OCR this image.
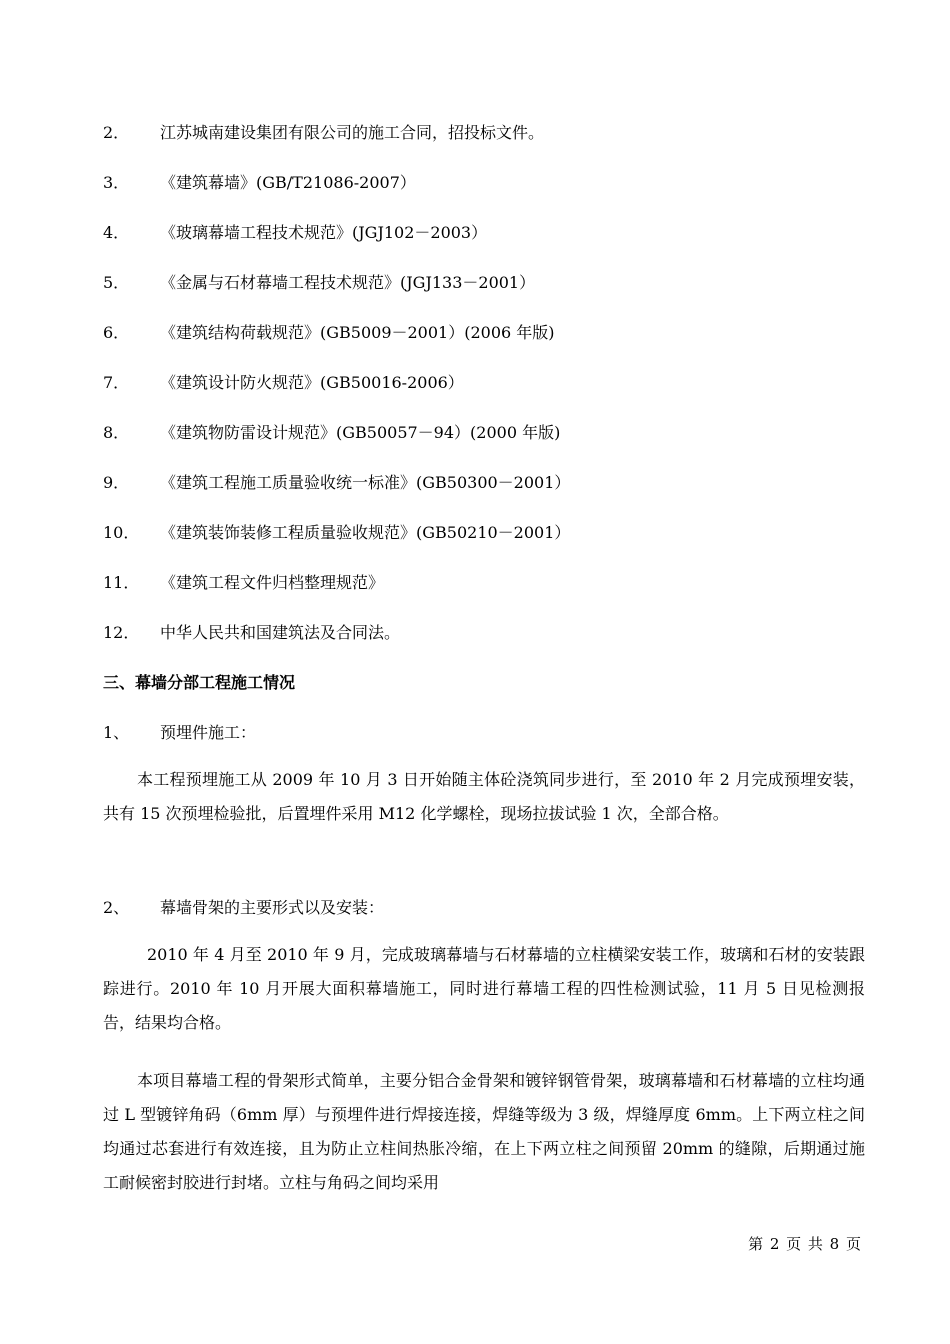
2． 江苏城南建设集团有限公司的施工合同，招投标文件。
3． 《建筑幕墙》(GB/T21086-2007）
4． 《玻璃幕墙工程技术规范》(JGJ102－2003）
5． 《金属与石材幕墙工程技术规范》(JGJ133－2001）
6． 《建筑结构荷载规范》(GB5009－2001）(2006 年版)
7． 《建筑设计防火规范》(GB50016-2006）
8． 《建筑物防雷设计规范》(GB50057－94）(2000 年版)
9． 《建筑工程施工质量验收统一标准》(GB50300－2001）
10． 《建筑装饰装修工程质量验收规范》(GB50210－2001）
11． 《建筑工程文件归档整理规范》
12． 中华人民共和国建筑法及合同法。
三、幕墙分部工程施工情况
1、 预埋件施工：
本工程预埋施工从 2009 年 10 月 3 日开始随主体砼浇筑同步进行，至 2010 年 2 月完成预埋安装，共有 15 次预埋检验批，后置埋件采用 M12 化学螺栓，现场拉拔试验 1 次，全部合格。
2、 幕墙骨架的主要形式以及安装：
2010 年 4 月至 2010 年 9 月，完成玻璃幕墙与石材幕墙的立柱横梁安装工作，玻璃和石材的安装跟踪进行。2010 年 10 月开展大面积幕墙施工，同时进行幕墙工程的四性检测试验，11 月 5 日见检测报告，结果均合格。
本项目幕墙工程的骨架形式简单，主要分铝合金骨架和镀锌钢管骨架，玻璃幕墙和石材幕墙的立柱均通过 L 型镀锌角码（6mm 厚）与预埋件进行焊接连接，焊缝等级为 3 级，焊缝厚度 6mm。上下两立柱之间均通过芯套进行有效连接，且为防止立柱间热胀冷缩，在上下两立柱之间预留 20mm 的缝隙，后期通过施工耐候密封胶进行封堵。立柱与角码之间均采用
第 2 页 共 8 页
